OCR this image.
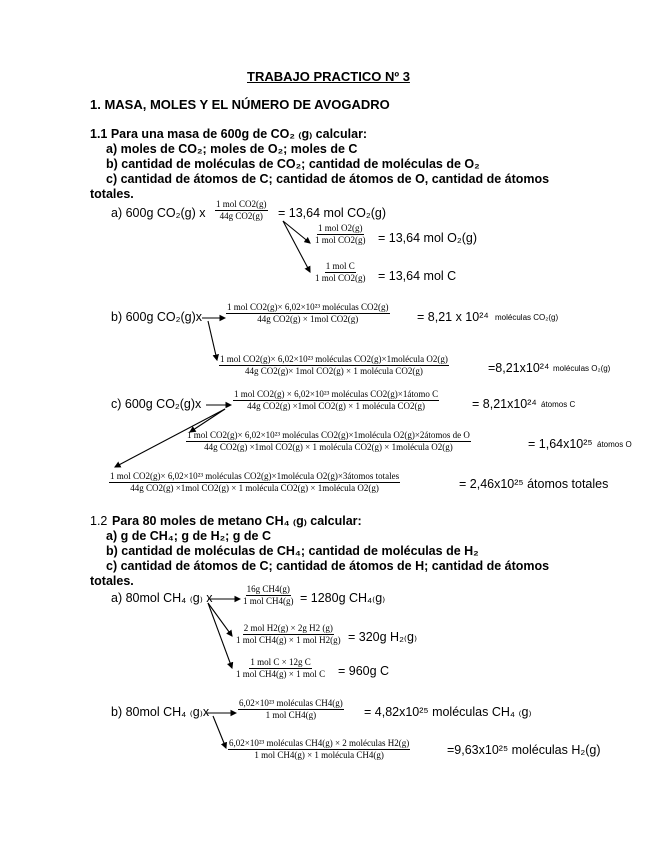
TRABAJO PRACTICO Nº 3
1. MASA, MOLES Y EL NÚMERO DE AVOGADRO
1.1 Para una masa de 600g de CO₂ ₍g₎ calcular:
a) moles de CO₂; moles de O₂; moles de C
b) cantidad de moléculas de CO₂; cantidad de moléculas de O₂
c) cantidad de átomos de C; cantidad de átomos de O, cantidad de átomos
totales.
a) 600g CO₂(g) x
1 mol CO2(g)
44g CO2(g) = 13,64 mol CO₂(g)
1 mol O2(g)
1 mol CO2(g) = 13,64 mol O₂(g)
1 mol C
1 mol CO2(g) = 13,64 mol C
b) 600g CO₂(g)x
1 mol CO2(g)× 6,02×10²³ moléculas CO2(g)
44g CO2(g) × 1mol CO2(g)	= 8,21 x 10²⁴ moléculas CO₂(g)
1 mol CO2(g)× 6,02×10²³ moléculas CO2(g)×1molécula O2(g)
44g CO2(g)× 1mol CO2(g) × 1 molécula CO2(g)	=8,21x10²⁴ moléculas O₂(g)
c) 600g CO₂(g)x
1 mol CO2(g) × 6,02×10²³ moléculas CO2(g)×1átomo C
44g CO2(g) ×1mol CO2(g) × 1 molécula CO2(g)	= 8,21x10²⁴ átomos C
1 mol CO2(g)× 6,02×10²³ moléculas CO2(g)×1molécula O2(g)×2átomos de O
44g CO2(g) ×1mol CO2(g) × 1 molécula CO2(g) × 1molécula O2(g)	= 1,64x10²⁵ átomos O
1 mol CO2(g)× 6,02×10²³ moléculas CO2(g)×1molécula O2(g)×3átomos totales
44g CO2(g) ×1mol CO2(g) × 1 molécula CO2(g) × 1molécula O2(g)	= 2,46x10²⁵ átomos totales
1.2 Para 80 moles de metano CH₄ ₍g₎ calcular:
a) g de CH₄; g de H₂; g de C
b) cantidad de moléculas de CH₄; cantidad de moléculas de H₂
c) cantidad de átomos de C; cantidad de átomos de H; cantidad de átomos
totales.
a) 80mol CH₄ ₍g₎ x
16g CH4(g)
1 mol CH4(g) = 1280g CH₄₍g₎
2 mol H2(g) × 2g H2 (g)
1 mol CH4(g) × 1 mol H2(g) = 320g H₂₍g₎
1 mol C × 12g C
1 mol CH4(g) × 1 mol C = 960g C
b) 80mol CH₄ ₍g₎x
6,02×10²³ moléculas CH4(g)
1 mol CH4(g)	= 4,82x10²⁵ moléculas CH₄ ₍g₎
6,02×10²³ moléculas CH4(g) × 2 moléculas H2(g)
1 mol CH4(g) × 1 molécula CH4(g)	=9,63x10²⁵ moléculas H₂(g)
